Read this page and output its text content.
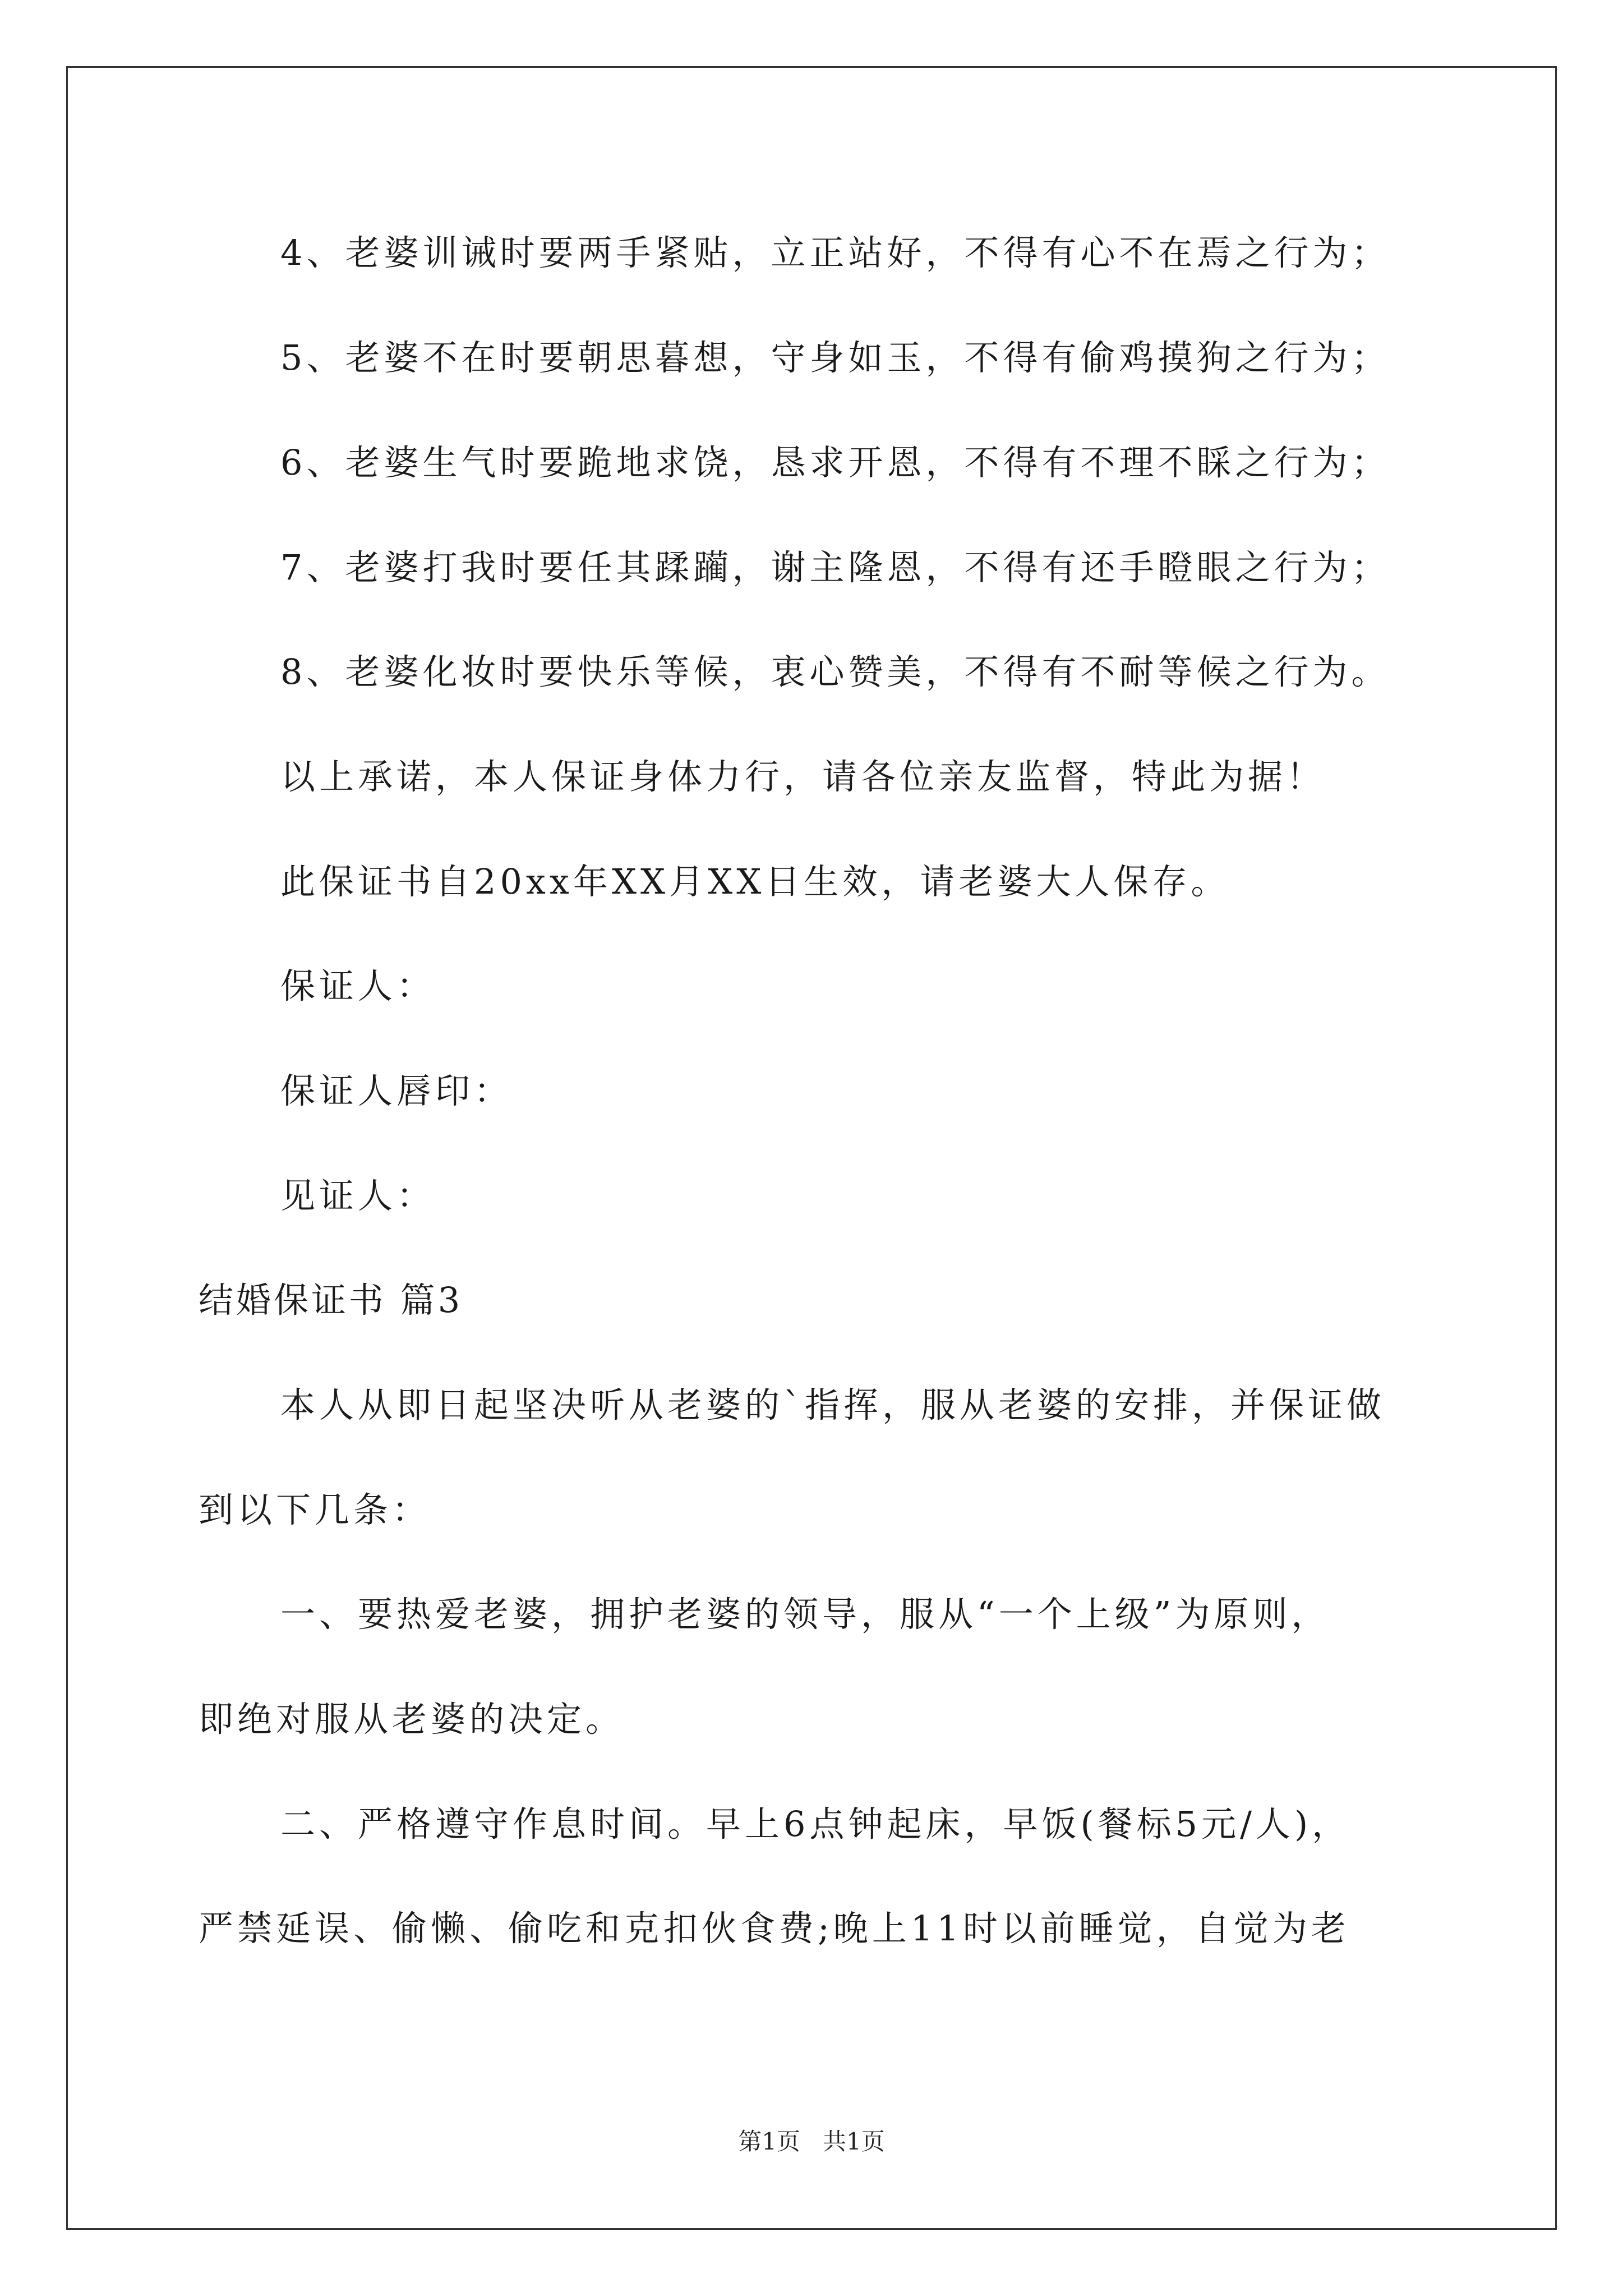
4、老婆训诫时要两手紧贴，立正站好，不得有心不在焉之行为；
5、老婆不在时要朝思暮想，守身如玉，不得有偷鸡摸狗之行为；
6、老婆生气时要跪地求饶，恳求开恩，不得有不理不睬之行为；
7、老婆打我时要任其蹂躏，谢主隆恩，不得有还手瞪眼之行为；
8、老婆化妆时要快乐等候，衷心赞美，不得有不耐等候之行为。
以上承诺，本人保证身体力行，请各位亲友监督，特此为据！
此保证书自20xx年XX月XX日生效，请老婆大人保存。
保证人：
保证人唇印：
见证人：
结婚保证书 篇3
本人从即日起坚决听从老婆的`指挥，服从老婆的安排，并保证做
到以下几条：
一、要热爱老婆，拥护老婆的领导，服从“一个上级”为原则，
即绝对服从老婆的决定。
二、严格遵守作息时间。早上6点钟起床，早饭(餐标5元/人)，
严禁延误、偷懒、偷吃和克扣伙食费;晚上11时以前睡觉，自觉为老
第1页   共1页
